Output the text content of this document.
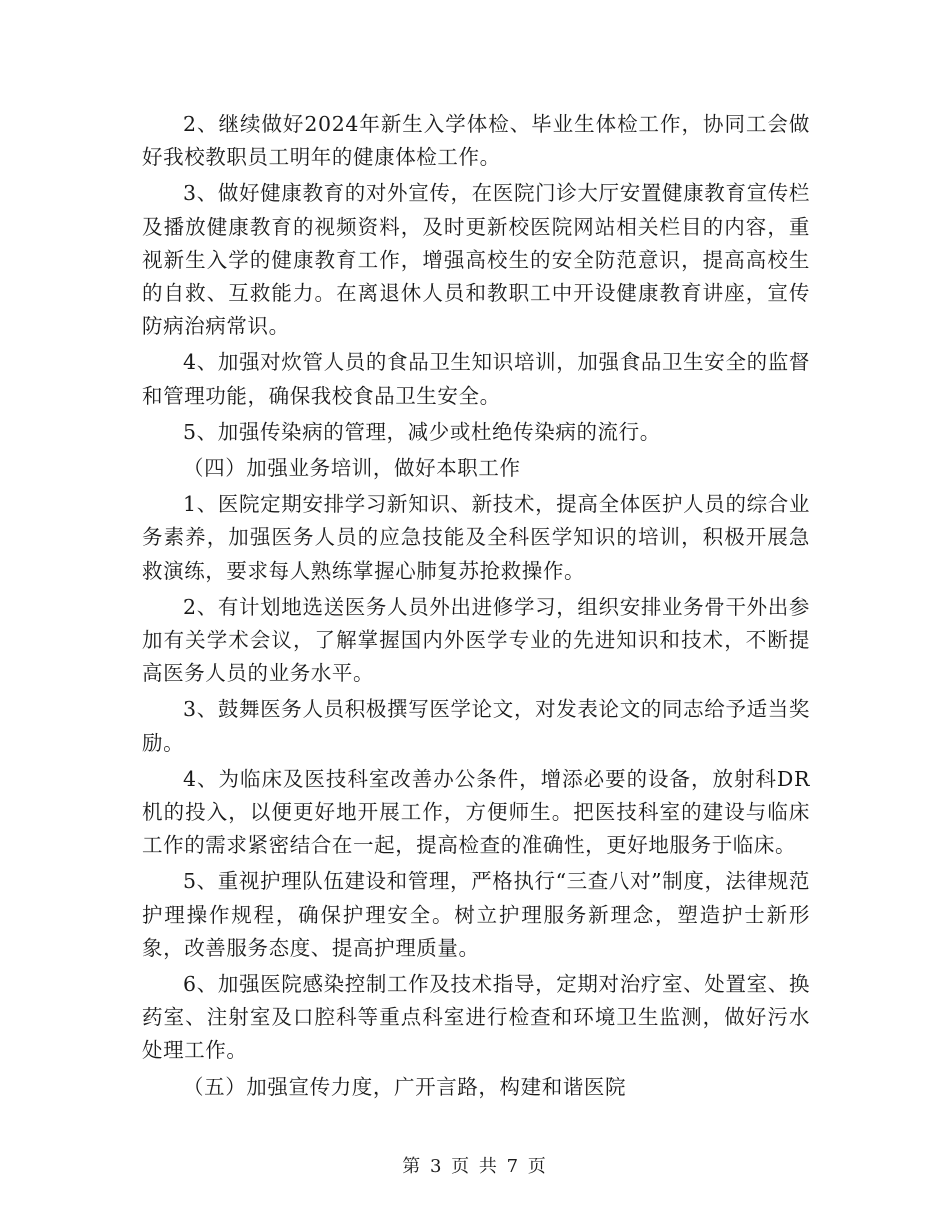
2、继续做好2024年新生入学体检、毕业生体检工作，协同工会做好我校教职员工明年的健康体检工作。

3、做好健康教育的对外宣传，在医院门诊大厅安置健康教育宣传栏及播放健康教育的视频资料，及时更新校医院网站相关栏目的内容，重视新生入学的健康教育工作，增强高校生的安全防范意识，提高高校生的自救、互救能力。在离退休人员和教职工中开设健康教育讲座，宣传防病治病常识。

4、加强对炊管人员的食品卫生知识培训，加强食品卫生安全的监督和管理功能，确保我校食品卫生安全。

5、加强传染病的管理，减少或杜绝传染病的流行。

（四）加强业务培训，做好本职工作

1、医院定期安排学习新知识、新技术，提高全体医护人员的综合业务素养，加强医务人员的应急技能及全科医学知识的培训，积极开展急救演练，要求每人熟练掌握心肺复苏抢救操作。

2、有计划地选送医务人员外出进修学习，组织安排业务骨干外出参加有关学术会议，了解掌握国内外医学专业的先进知识和技术，不断提高医务人员的业务水平。

3、鼓舞医务人员积极撰写医学论文，对发表论文的同志给予适当奖励。

4、为临床及医技科室改善办公条件，增添必要的设备，放射科DR机的投入，以便更好地开展工作，方便师生。把医技科室的建设与临床工作的需求紧密结合在一起，提高检查的准确性，更好地服务于临床。

5、重视护理队伍建设和管理，严格执行“三查八对”制度，法律规范护理操作规程，确保护理安全。树立护理服务新理念，塑造护士新形象，改善服务态度、提高护理质量。

6、加强医院感染控制工作及技术指导，定期对治疗室、处置室、换药室、注射室及口腔科等重点科室进行检查和环境卫生监测，做好污水处理工作。

（五）加强宣传力度，广开言路，构建和谐医院

第 3 页 共 7 页
